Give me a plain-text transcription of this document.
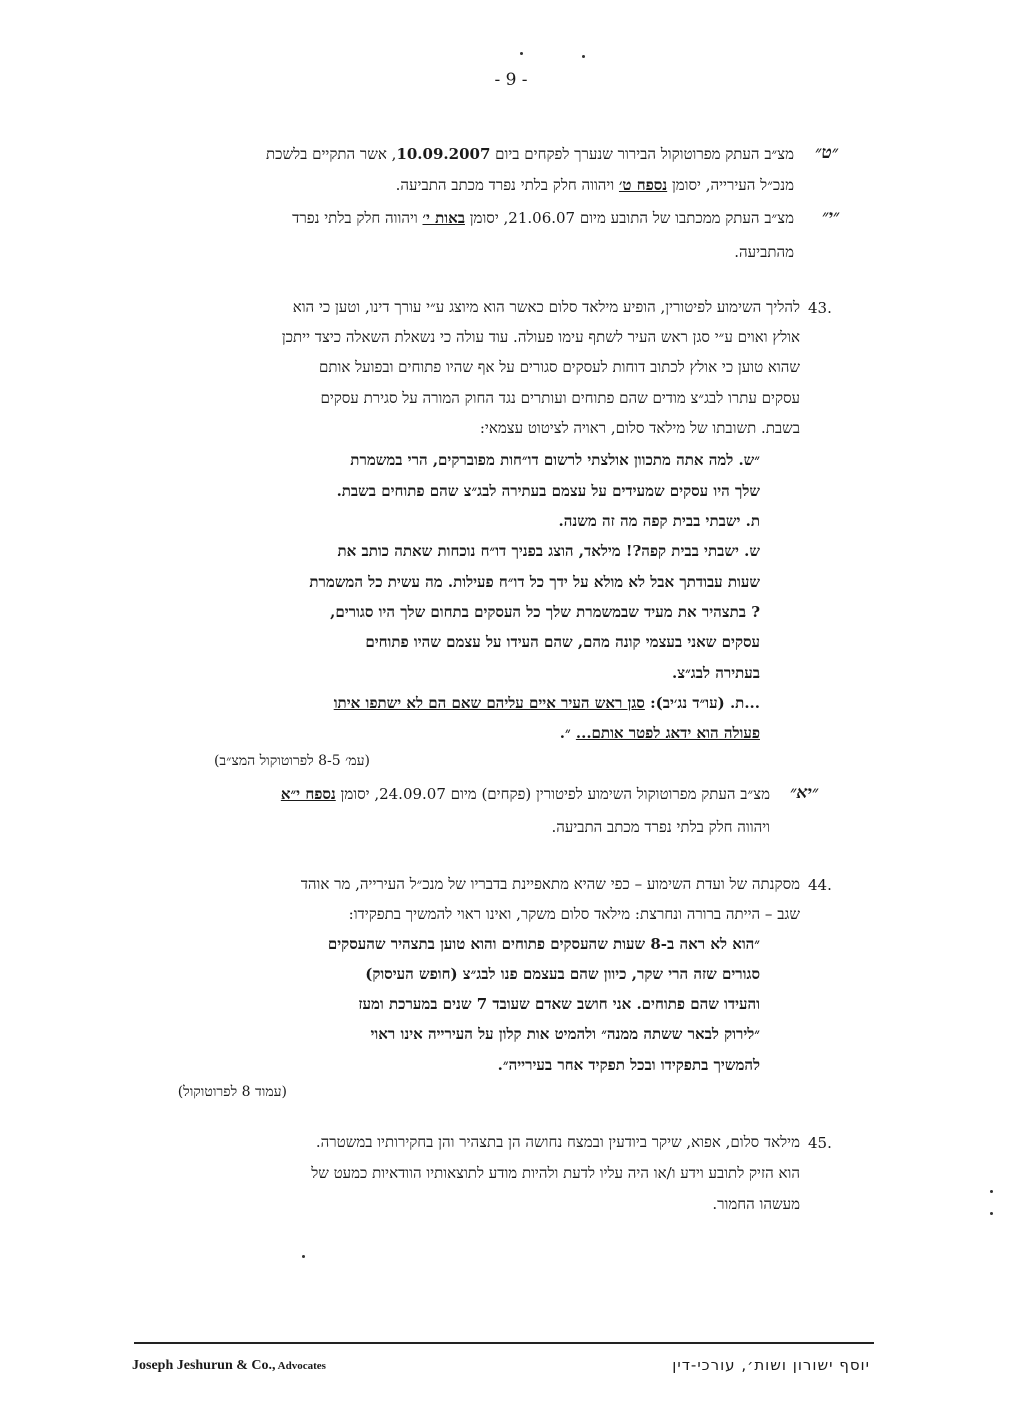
- 9 -
״ט״
מצ״ב העתק מפרוטוקול הבירור שנערך לפקחים ביום 10.09.2007, אשר התקיים בלשכת
מנכ״ל העירייה, יסומן נספח ט׳ ויהווה חלק בלתי נפרד מכתב התביעה.
״י״
מצ״ב העתק ממכתבו של התובע מיום 21.06.07, יסומן באות י׳ ויהווה חלק בלתי נפרד
מהתביעה.
43.
להליך השימוע לפיטורין, הופיע מילאד סלום כאשר הוא מיוצג ע״י עורך דינו, וטען כי הוא
אולץ ואוים ע״י סגן ראש העיר לשתף עימו פעולה. עוד עולה כי נשאלת השאלה כיצד ייתכן
שהוא טוען כי אולץ לכתוב דוחות לעסקים סגורים על אף שהיו פתוחים ובפועל אותם
עסקים עתרו לבג״צ מודים שהם פתוחים ועותרים נגד החוק המורה על סגירת עסקים
בשבת. תשובתו של מילאד סלום, ראויה לציטוט עצמאי:
״ש. למה אתה מתכוון אולצתי לרשום דו״חות מפוברקים, הרי במשמרת
שלך היו עסקים שמעידים על עצמם בעתירה לבג״צ שהם פתוחים בשבת.
ת. ישבתי בבית קפה מה זה משנה.
ש. ישבתי בבית קפה?! מילאד, הוצג בפניך דו״ח נוכחות שאתה כותב את
שעות עבודתך אבל לא מולא על ידך כל דו״ח פעילות. מה עשית כל המשמרת
? בתצהיר את מעיד שבמשמרת שלך כל העסקים בתחום שלך היו סגורים,
עסקים שאני בעצמי קונה מהם, שהם העידו על עצמם שהיו פתוחים
בעתירה לבג״צ.
...ת. (עו״ד נג׳יב): סגן ראש העיר איים עליהם שאם הם לא ישתפו איתו
פעולה הוא ידאג לפטר אותם... ״.
(עמ׳ 8-5 לפרוטוקול המצ״ב)
״יא״
מצ״ב העתק מפרוטוקול השימוע לפיטורין (פקחים) מיום 24.09.07, יסומן נספח י״א
ויהווה חלק בלתי נפרד מכתב התביעה.
44.
מסקנתה של ועדת השימוע – כפי שהיא מתאפיינת בדבריו של מנכ״ל העירייה, מר אוהד
שגב – הייתה ברורה ונחרצת: מילאד סלום משקר, ואינו ראוי להמשיך בתפקידו:
״הוא לא ראה ב-8 שעות שהעסקים פתוחים והוא טוען בתצהיר שהעסקים
סגורים שזה הרי שקר, כיוון שהם בעצמם פנו לבג״צ (חופש העיסוק)
והעידו שהם פתוחים. אני חושב שאדם שעובד 7 שנים במערכת ומעז
״לירוק לבאר ששתה ממנה״ ולהמיט אות קלון על העירייה אינו ראוי
להמשיך בתפקידו ובכל תפקיד אחר בעירייה״.
(עמוד 8 לפרוטוקול)
45.
מילאד סלום, אפוא, שיקר ביודעין ובמצח נחושה הן בתצהיר והן בחקירותיו במשטרה.
הוא הזיק לתובע וידע ו/או היה עליו לדעת ולהיות מודע לתוצאותיו הוודאיות כמעט של
מעשהו החמור.
Joseph Jeshurun & Co., Advocates	יוסף ישורון ושות׳, עורכי-דין
